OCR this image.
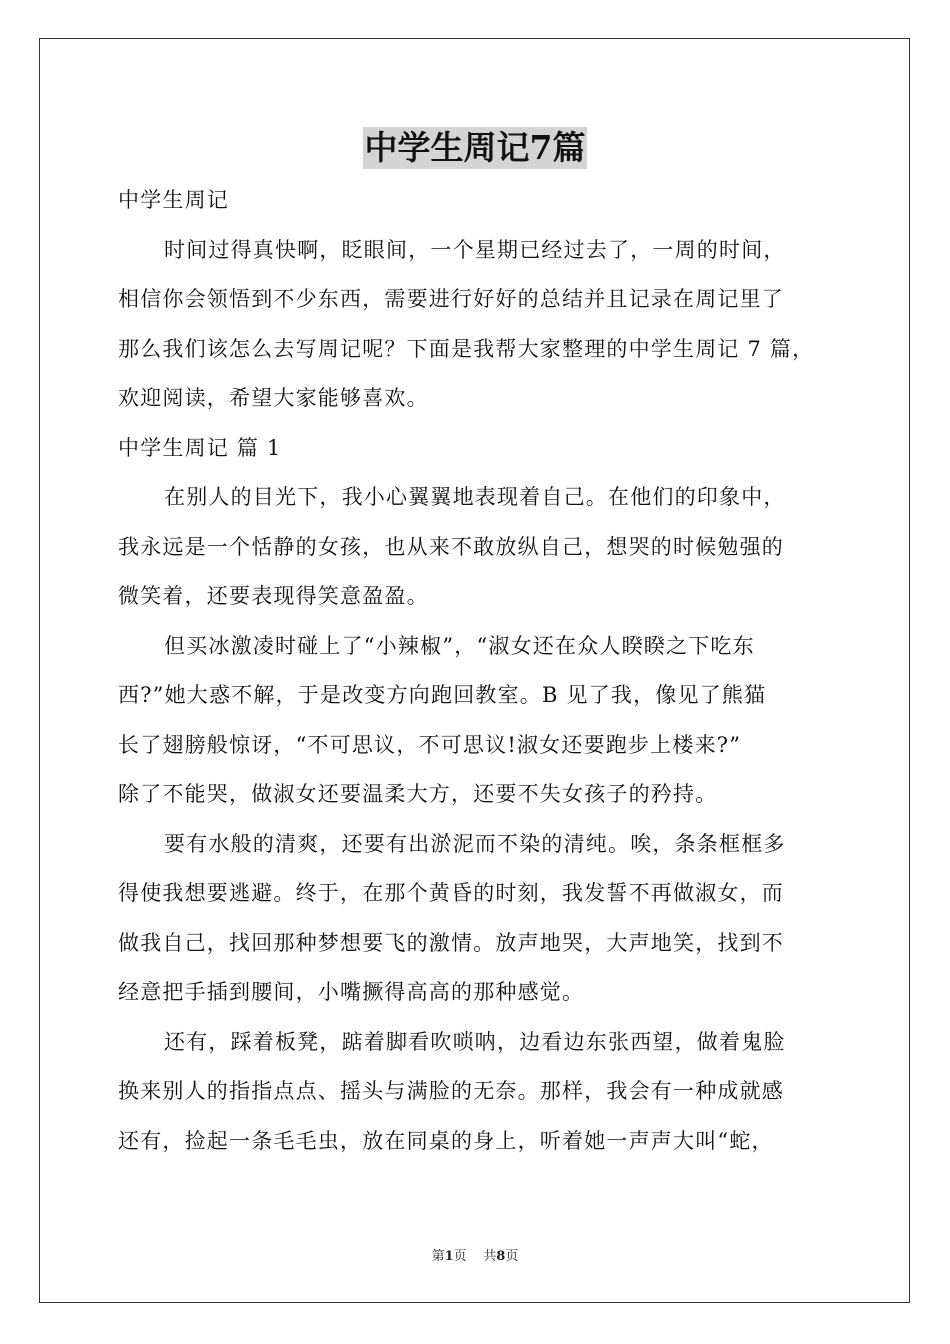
中学生周记7篇
中学生周记
时间过得真快啊，眨眼间，一个星期已经过去了，一周的时间，
相信你会领悟到不少东西，需要进行好好的总结并且记录在周记里了
那么我们该怎么去写周记呢？下面是我帮大家整理的中学生周记 7 篇，
欢迎阅读，希望大家能够喜欢。
中学生周记 篇 1
在别人的目光下，我小心翼翼地表现着自己。在他们的印象中，
我永远是一个恬静的女孩，也从来不敢放纵自己，想哭的时候勉强的
微笑着，还要表现得笑意盈盈。
但买冰激凌时碰上了“小辣椒”，“淑女还在众人睽睽之下吃东
西?”她大惑不解，于是改变方向跑回教室。B 见了我，像见了熊猫
长了翅膀般惊讶，“不可思议，不可思议!淑女还要跑步上楼来?”
除了不能哭，做淑女还要温柔大方，还要不失女孩子的矜持。
要有水般的清爽，还要有出淤泥而不染的清纯。唉，条条框框多
得使我想要逃避。终于，在那个黄昏的时刻，我发誓不再做淑女，而
做我自己，找回那种梦想要飞的激情。放声地哭，大声地笑，找到不
经意把手插到腰间，小嘴撅得高高的那种感觉。
还有，踩着板凳，踮着脚看吹唢呐，边看边东张西望，做着鬼脸
换来别人的指指点点、摇头与满脸的无奈。那样，我会有一种成就感
还有，捡起一条毛毛虫，放在同桌的身上，听着她一声声大叫“蛇，
第1页 共8页
